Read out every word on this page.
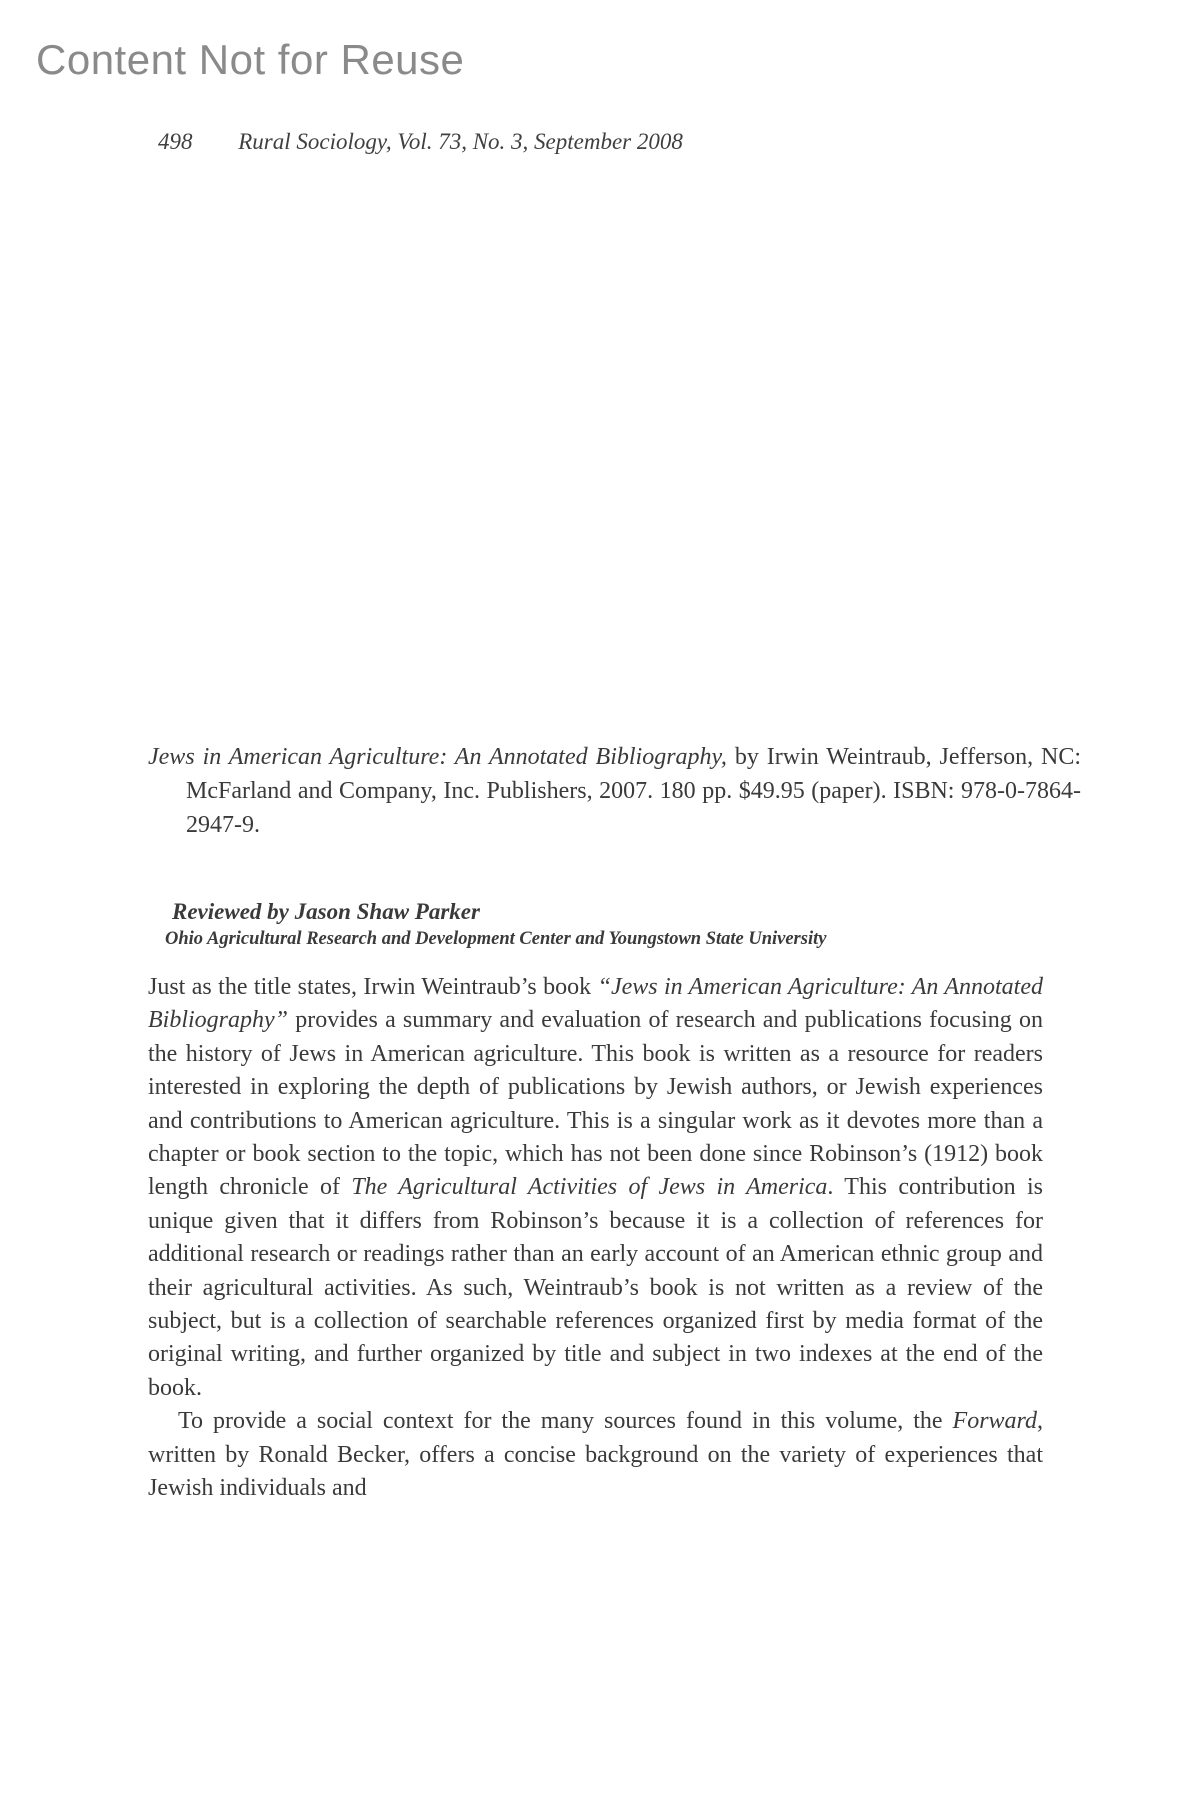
Content Not for Reuse
498 Rural Sociology, Vol. 73, No. 3, September 2008
Jews in American Agriculture: An Annotated Bibliography, by Irwin Weintraub, Jefferson, NC: McFarland and Company, Inc. Publishers, 2007. 180 pp. $49.95 (paper). ISBN: 978-0-7864-2947-9.
Reviewed by Jason Shaw Parker
Ohio Agricultural Research and Development Center and Youngstown State University

Just as the title states, Irwin Weintraub’s book “Jews in American Agriculture: An Annotated Bibliography” provides a summary and evaluation of research and publications focusing on the history of Jews in American agriculture. This book is written as a resource for readers interested in exploring the depth of publications by Jewish authors, or Jewish experiences and contributions to American agriculture. This is a singular work as it devotes more than a chapter or book section to the topic, which has not been done since Robinson’s (1912) book length chronicle of The Agricultural Activities of Jews in America. This contribution is unique given that it differs from Robinson’s because it is a collection of references for additional research or readings rather than an early account of an American ethnic group and their agricultural activities. As such, Weintraub’s book is not written as a review of the subject, but is a collection of searchable references organized first by media format of the original writing, and further organized by title and subject in two indexes at the end of the book.

To provide a social context for the many sources found in this volume, the Forward, written by Ronald Becker, offers a concise background on the variety of experiences that Jewish individuals and
